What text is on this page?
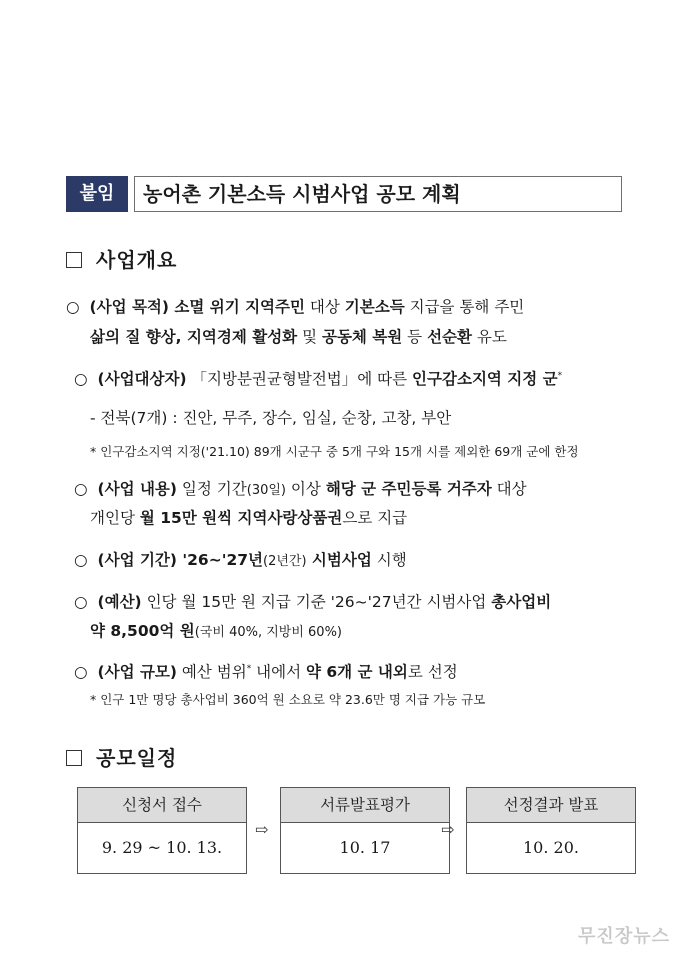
붙임	농어촌 기본소득 시범사업 공모 계획
사업개요
○ (사업 목적) 소멸 위기 지역주민 대상 기본소득 지급을 통해 주민
삶의 질 향상, 지역경제 활성화 및 공동체 복원 등 선순환 유도
○ (사업대상자) 「지방분권균형발전법」에 따른 인구감소지역 지정 군*
- 전북(7개) : 진안, 무주, 장수, 임실, 순창, 고창, 부안
* 인구감소지역 지정('21.10) 89개 시군구 중 5개 구와 15개 시를 제외한 69개 군에 한정
○ (사업 내용) 일정 기간(30일) 이상 해당 군 주민등록 거주자 대상
개인당 월 15만 원씩 지역사랑상품권으로 지급
○ (사업 기간) '26~'27년(2년간) 시범사업 시행
○ (예산) 인당 월 15만 원 지급 기준 '26~'27년간 시범사업 총사업비
약 8,500억 원(국비 40%, 지방비 60%)
○ (사업 규모) 예산 범위* 내에서 약 6개 군 내외로 선정
* 인구 1만 명당 총사업비 360억 원 소요로 약 23.6만 명 지급 가능 규모
공모일정
신청서 접수
9. 29 ~ 10. 13.
⇨
서류발표평가
10. 17
⇨
선정결과 발표
10. 20.
무진장뉴스
